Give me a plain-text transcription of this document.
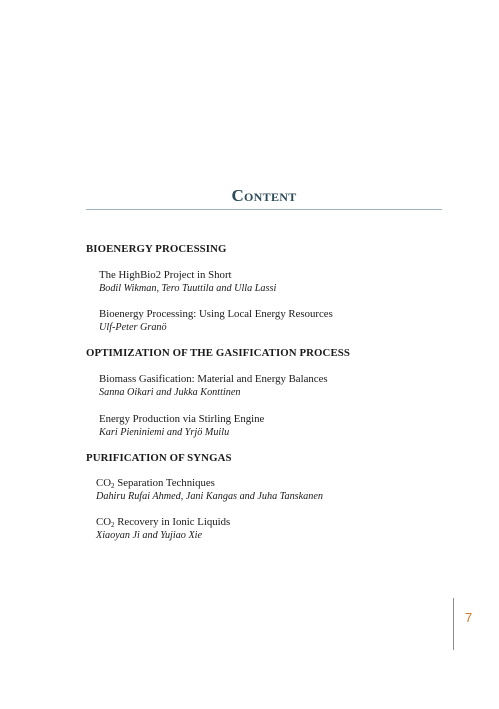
Content
BIOENERGY PROCESSING
The HighBio2 Project in Short
Bodil Wikman, Tero Tuuttila and Ulla Lassi
Bioenergy Processing: Using Local Energy Resources
Ulf-Peter Granö
OPTIMIZATION OF THE GASIFICATION PROCESS
Biomass Gasification: Material and Energy Balances
Sanna Oikari and Jukka Konttinen
Energy Production via Stirling Engine
Kari Pieniniemi and Yrjö Muilu
PURIFICATION OF SYNGAS
$CO_2$ Separation Techniques
Dahiru Rufai Ahmed, Jani Kangas and Juha Tanskanen
$CO_2$ Recovery in Ionic Liquids
Xiaoyan Ji and Yujiao Xie
7
